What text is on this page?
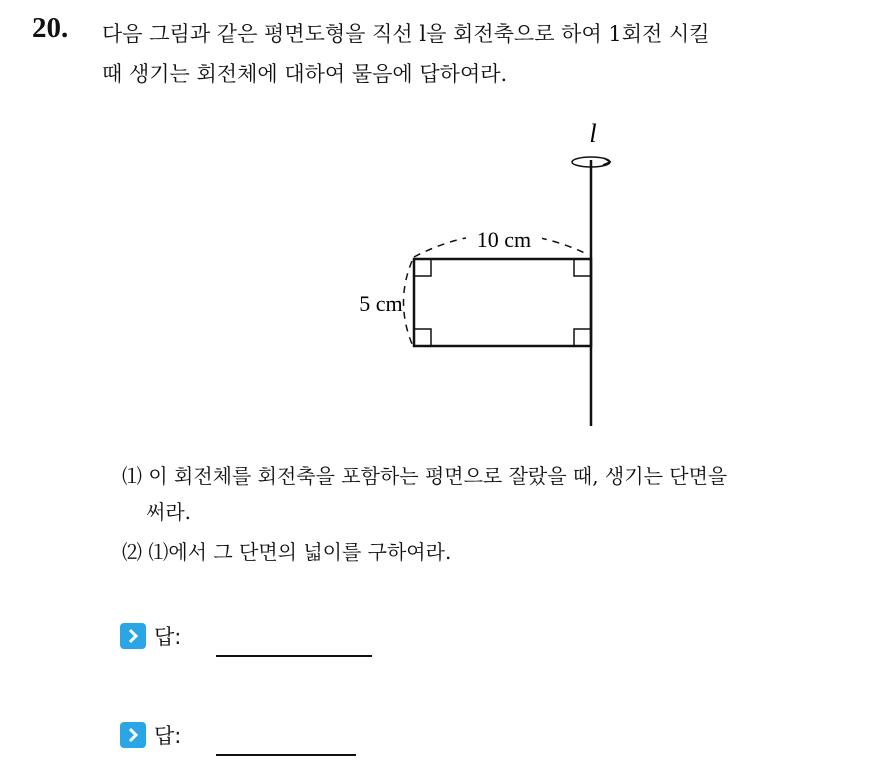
20. 다음 그림과 같은 평면도형을 직선 l을 회전축으로 하여 1회전 시킬
때 생기는 회전체에 대하여 물음에 답하여라.
l
10 cm
5 cm
⑴ 이 회전체를 회전축을 포함하는 평면으로 잘랐을 때, 생기는 단면을
써라.
⑵ ⑴에서 그 단면의 넓이를 구하여라.
답:
답:
